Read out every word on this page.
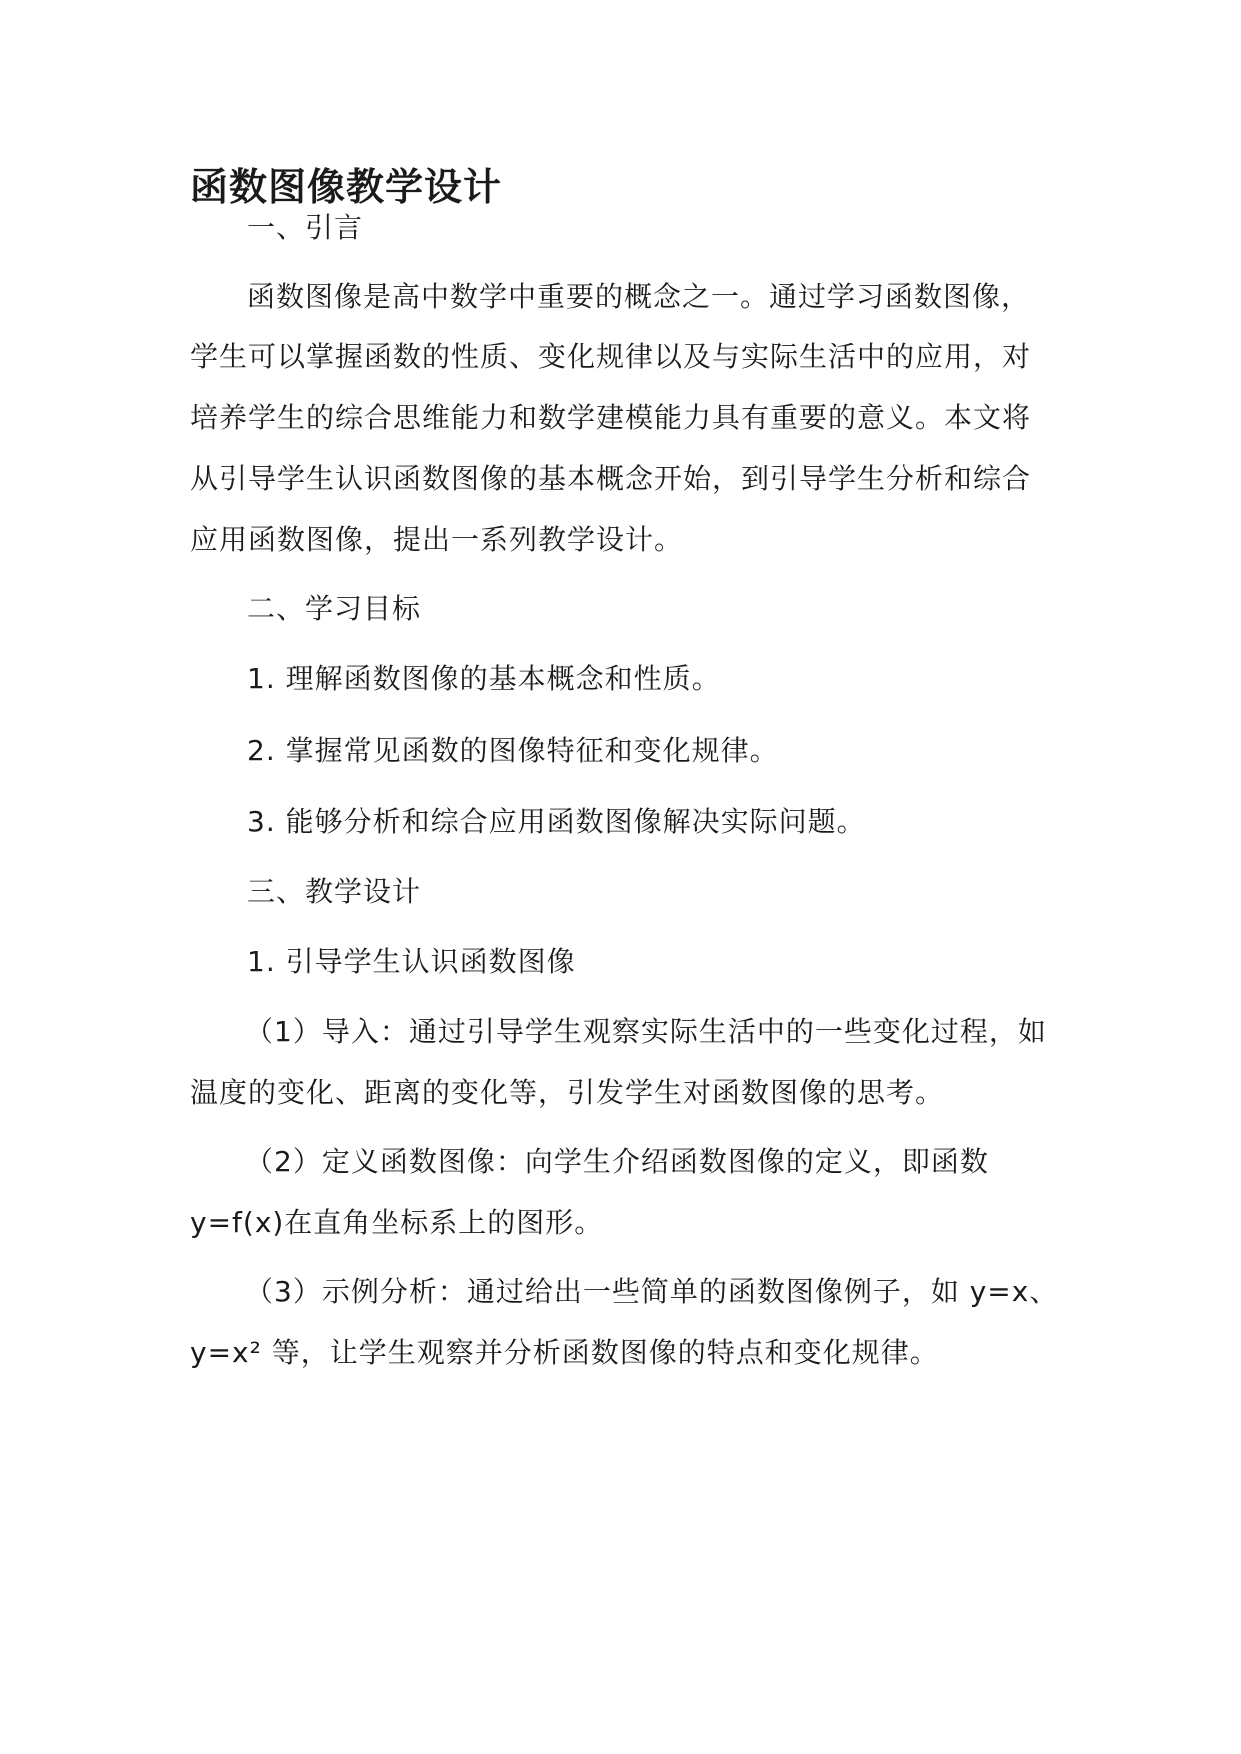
函数图像教学设计

一、引言

函数图像是高中数学中重要的概念之一。通过学习函数图像，

学生可以掌握函数的性质、变化规律以及与实际生活中的应用，对

培养学生的综合思维能力和数学建模能力具有重要的意义。本文将

从引导学生认识函数图像的基本概念开始，到引导学生分析和综合

应用函数图像，提出一系列教学设计。

二、学习目标

1. 理解函数图像的基本概念和性质。

2. 掌握常见函数的图像特征和变化规律。

3. 能够分析和综合应用函数图像解决实际问题。

三、教学设计

1. 引导学生认识函数图像

（1）导入：通过引导学生观察实际生活中的一些变化过程，如

温度的变化、距离的变化等，引发学生对函数图像的思考。

（2）定义函数图像：向学生介绍函数图像的定义，即函数

y=f(x)在直角坐标系上的图形。

（3）示例分析：通过给出一些简单的函数图像例子，如 y=x、

y=x² 等，让学生观察并分析函数图像的特点和变化规律。
